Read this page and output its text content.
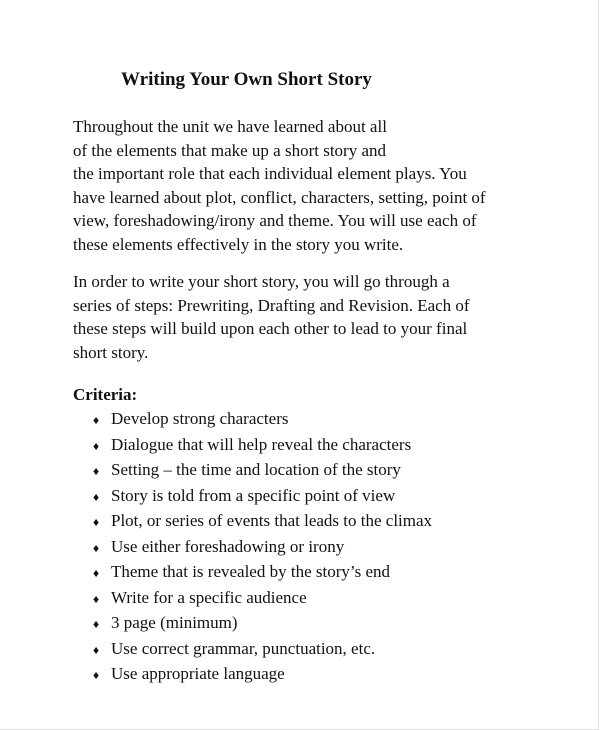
Writing Your Own Short Story

Throughout the unit we have learned about all
of the elements that make up a short story and
the important role that each individual element plays. You
have learned about plot, conflict, characters, setting, point of
view, foreshadowing/irony and theme. You will use each of
these elements effectively in the story you write.

In order to write your short story, you will go through a
series of steps: Prewriting, Drafting and Revision. Each of
these steps will build upon each other to lead to your final
short story.

Criteria:
♦ Develop strong characters
♦ Dialogue that will help reveal the characters
♦ Setting – the time and location of the story
♦ Story is told from a specific point of view
♦ Plot, or series of events that leads to the climax
♦ Use either foreshadowing or irony
♦ Theme that is revealed by the story’s end
♦ Write for a specific audience
♦ 3 page (minimum)
♦ Use correct grammar, punctuation, etc.
♦ Use appropriate language
